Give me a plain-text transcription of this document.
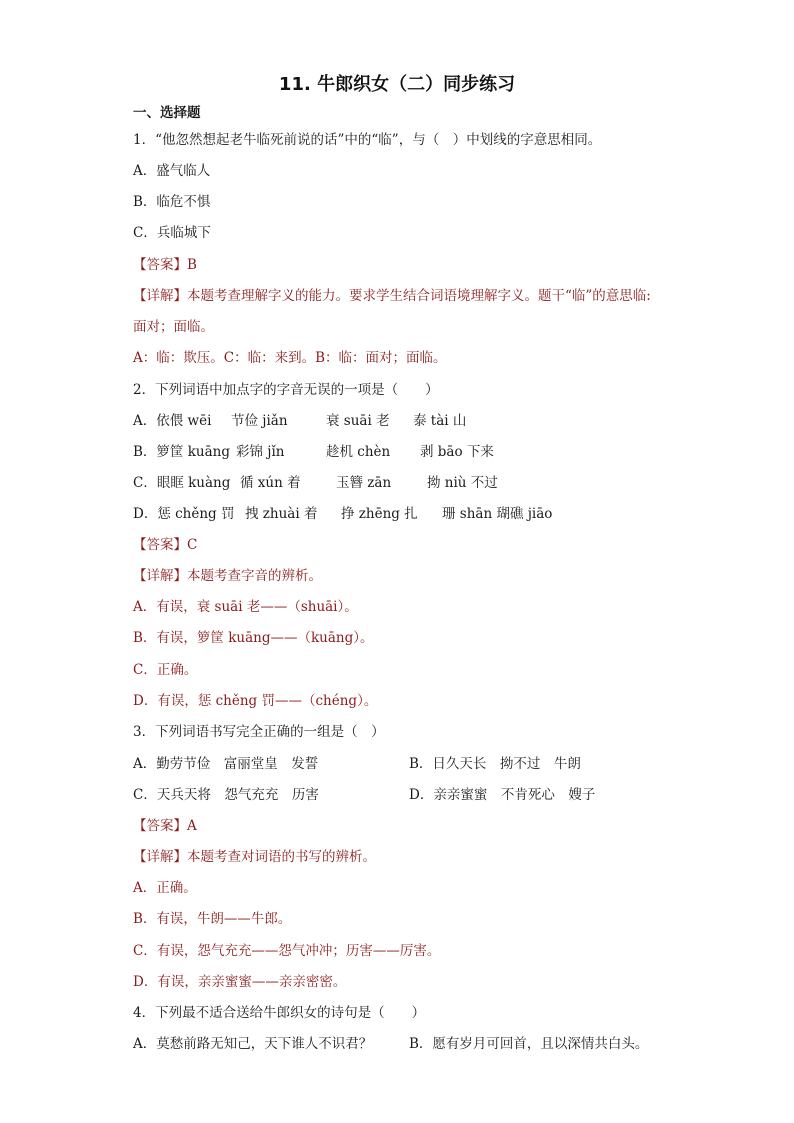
11. 牛郎织女（二）同步练习
一、选择题
1．“他忽然想起老牛临死前说的话”中的“临”，与（　）中划线的字意思相同。
A．盛气临人
B．临危不惧
C．兵临城下
【答案】B
【详解】本题考查理解字义的能力。要求学生结合词语境理解字义。题干“临”的意思临:
面对；面临。
A：临：欺压。C：临：来到。B：临：面对；面临。
2．下列词语中加点字的字音无误的一项是（　　）
A．依偎 wēi 节俭 jiǎn	衰 suāi 老 泰 tài 山
B．箩筐 kuāng 彩锦 jǐn	趁机 chèn 剥 bāo 下来
C．眼眶 kuàng 循 xún 着	玉簪 zān	拗 niù 不过
D．惩 chěng 罚 拽 zhuài 着 挣 zhēng 扎 珊 shān 瑚礁 jiāo
【答案】C
【详解】本题考查字音的辨析。
A．有误，衰 suāi 老——（shuāi）。
B．有误，箩筐 kuāng——（kuāng）。
C．正确。
D．有误，惩 chěng 罚——（chéng）。
3．下列词语书写完全正确的一组是（　）
A．勤劳节俭　富丽堂皇　发誓	B．日久天长　拗不过　牛朗
C．天兵天将　怨气充充　历害	D．亲亲蜜蜜　不肯死心　嫂子
【答案】A
【详解】本题考查对词语的书写的辨析。
A．正确。
B．有误，牛朗——牛郎。
C．有误，怨气充充——怨气冲冲；历害——厉害。
D．有误，亲亲蜜蜜——亲亲密密。
4．下列最不适合送给牛郎织女的诗句是（　　）
A．莫愁前路无知己，天下谁人不识君？	B．愿有岁月可回首，且以深情共白头。
